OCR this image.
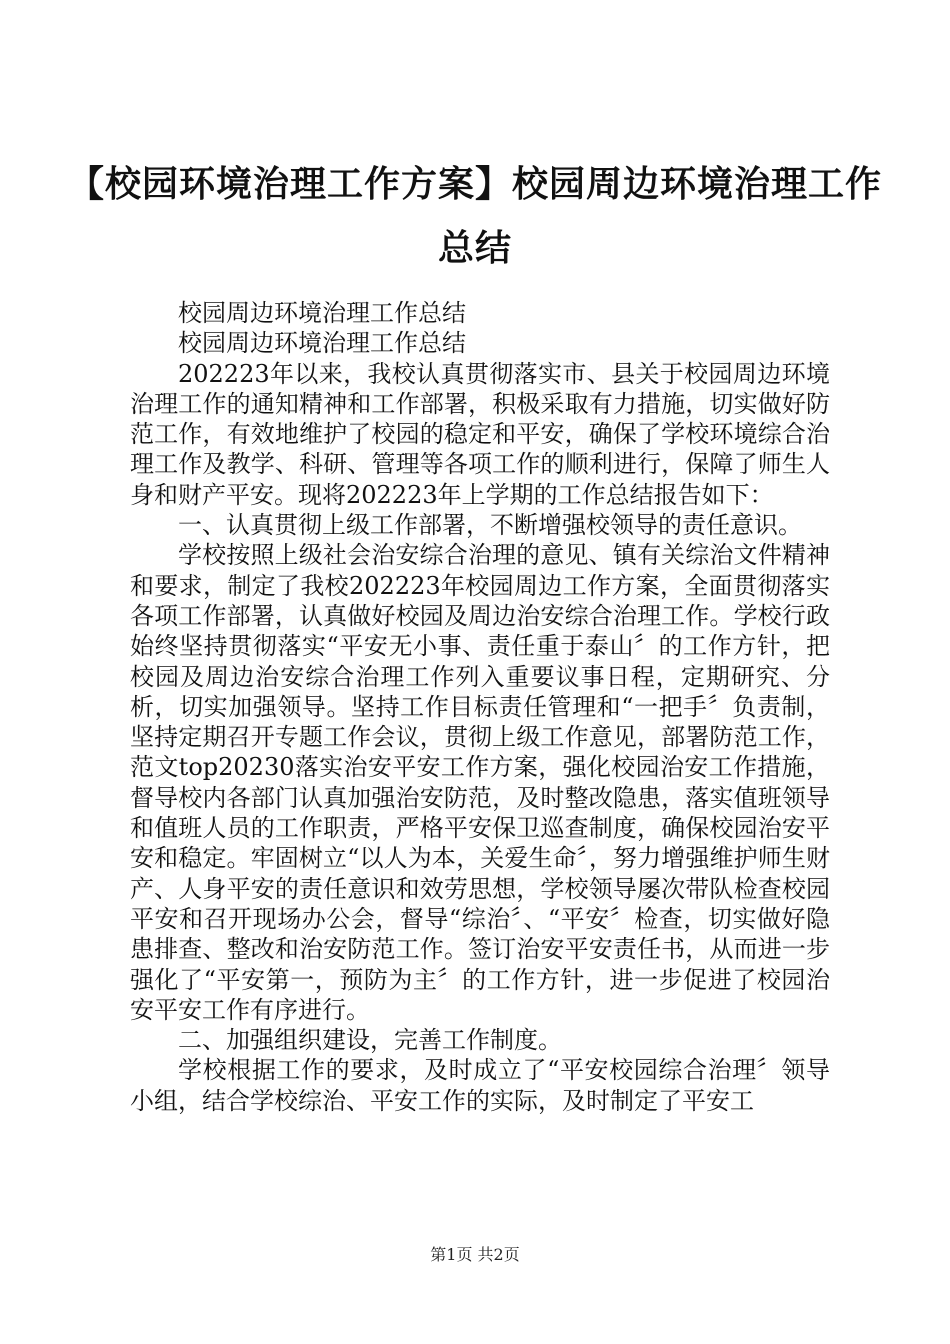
【校园环境治理工作方案】校园周边环境治理工作总结

校园周边环境治理工作总结

校园周边环境治理工作总结

202223年以来，我校认真贯彻落实市、县关于校园周边环境治理工作的通知精神和工作部署，积极采取有力措施，切实做好防范工作，有效地维护了校园的稳定和平安，确保了学校环境综合治理工作及教学、科研、管理等各项工作的顺利进行，保障了师生人身和财产平安。现将202223年上学期的工作总结报告如下：

一、认真贯彻上级工作部署，不断增强校领导的责任意识。

学校按照上级社会治安综合治理的意见、镇有关综治文件精神和要求，制定了我校202223年校园周边工作方案，全面贯彻落实各项工作部署，认真做好校园及周边治安综合治理工作。学校行政始终坚持贯彻落实“平安无小事、责任重于泰山〞的工作方针，把校园及周边治安综合治理工作列入重要议事日程，定期研究、分析，切实加强领导。坚持工作目标责任管理和“一把手〞负责制，坚持定期召开专题工作会议，贯彻上级工作意见，部署防范工作，范文top20230落实治安平安工作方案，强化校园治安工作措施，督导校内各部门认真加强治安防范，及时整改隐患，落实值班领导和值班人员的工作职责，严格平安保卫巡查制度，确保校园治安平安和稳定。牢固树立“以人为本，关爱生命〞，努力增强维护师生财产、人身平安的责任意识和效劳思想，学校领导屡次带队检查校园平安和召开现场办公会，督导“综治〞、“平安〞检查，切实做好隐患排查、整改和治安防范工作。签订治安平安责任书，从而进一步强化了“平安第一，预防为主〞的工作方针，进一步促进了校园治安平安工作有序进行。

二、加强组织建设，完善工作制度。

学校根据工作的要求，及时成立了“平安校园综合治理〞领导小组，结合学校综治、平安工作的实际，及时制定了平安工

第1页 共2页
